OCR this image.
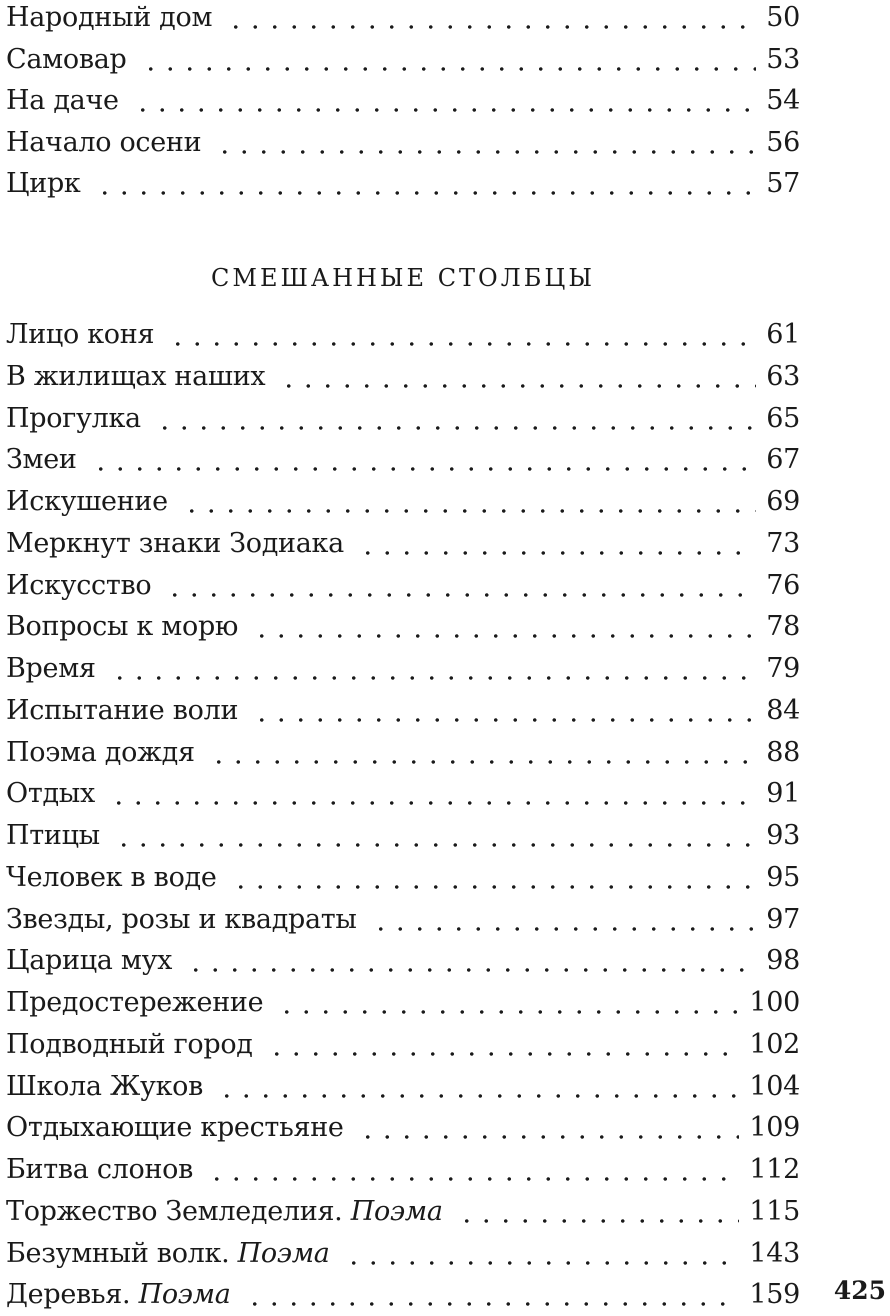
Народный дом	50
Самовар	53
На даче	54
Начало осени	56
Цирк	57
СМЕШАННЫЕ СТОЛБЦЫ
Лицо коня	61
В жилищах наших	63
Прогулка	65
Змеи	67
Искушение	69
Меркнут знаки Зодиака	73
Искусство	76
Вопросы к морю	78
Время	79
Испытание воли	84
Поэма дождя	88
Отдых	91
Птицы	93
Человек в воде	95
Звезды, розы и квадраты	97
Царица мух	98
Предостережение	100
Подводный город	102
Школа Жуков	104
Отдыхающие крестьяне	109
Битва слонов	112
Торжество Земледелия. Поэма	115
Безумный волк. Поэма	143
Деревья. Поэма	159 425
